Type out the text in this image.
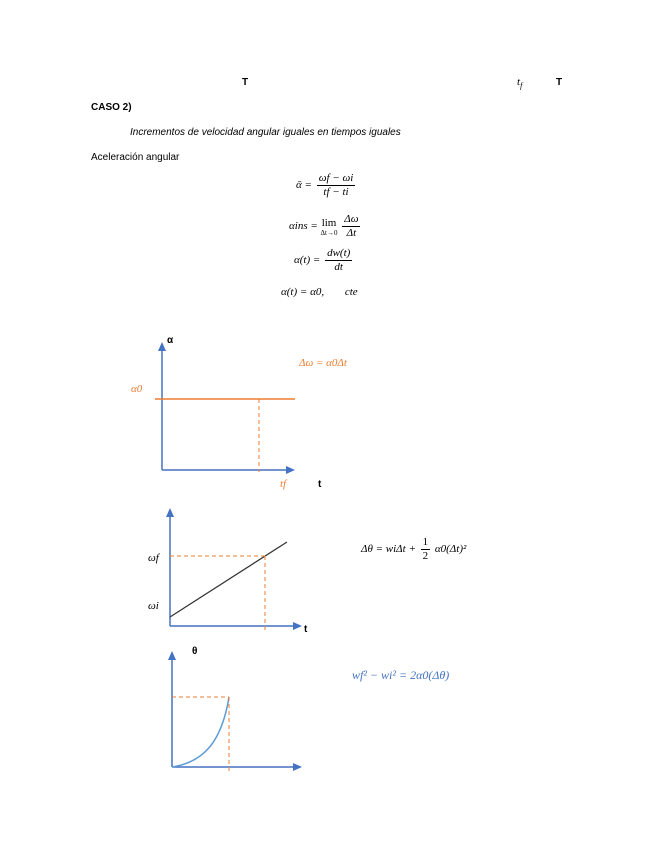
T	$t_f$	T
CASO 2)
Incrementos de velocidad angular iguales en tiempos iguales
Aceleración angular
ᾱ = $\frac{\omega f - \omega i}{tf - ti}$
αins = lim
Δt→0
$\frac{\Delta\omega}{\Delta t}$
$\alpha(t) = \frac{dw(t)}{dt}$
α(t) = α0, cte
α
t
α0
tf
Δω = α0Δt
t
ωf
ωi
$\Delta\theta = wi\Delta t + \frac{1}{2} \alpha 0(\Delta t)^2$
θ
wf² − wi² = 2α0(Δθ)
